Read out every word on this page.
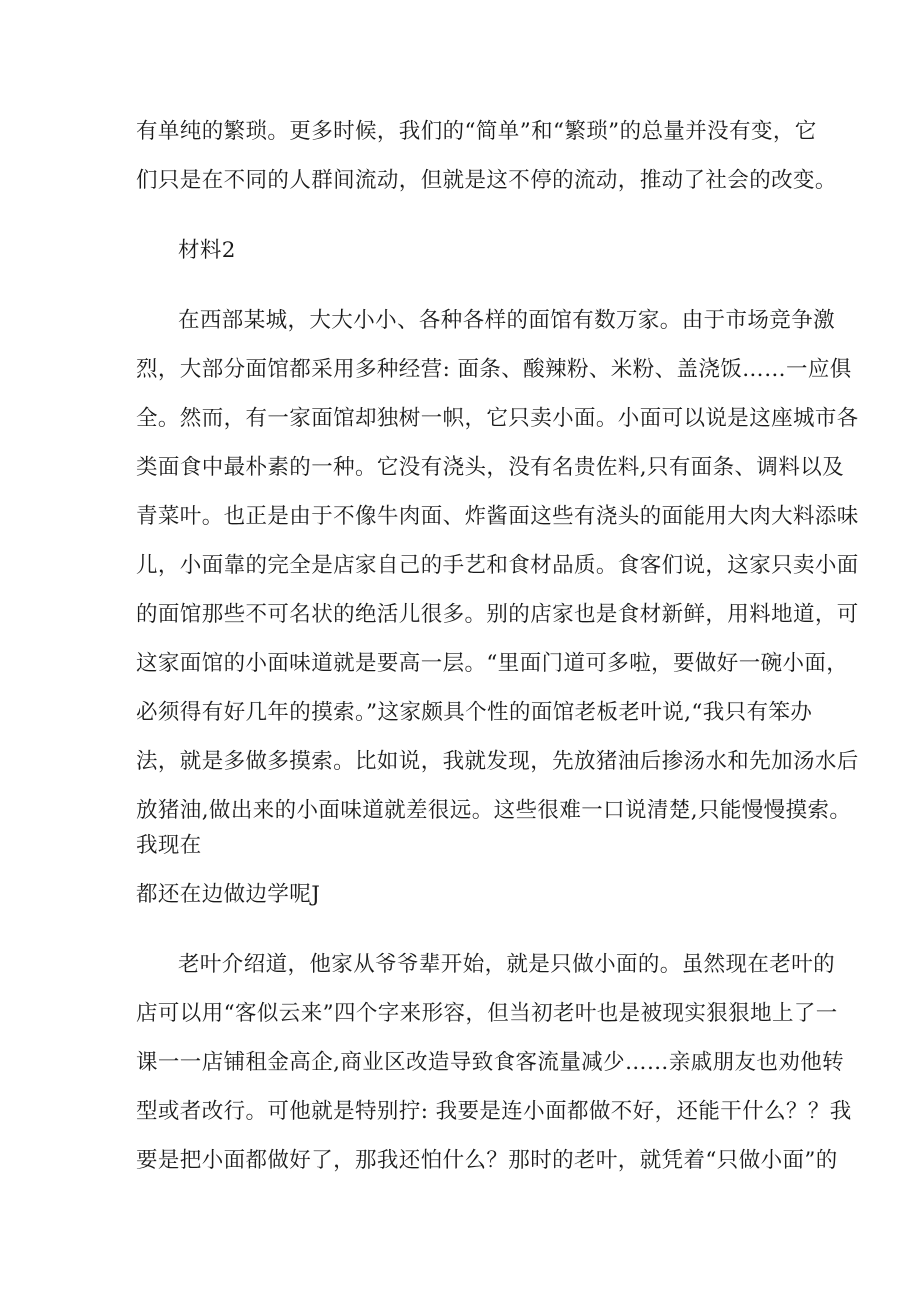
有单纯的繁琐。更多时候，我们的“简单”和“繁琐”的总量并没有变，它
们只是在不同的人群间流动，但就是这不停的流动，推动了社会的改变。
材料2
在西部某城，大大小小、各种各样的面馆有数万家。由于市场竞争激
烈，大部分面馆都采用多种经营: 面条、酸辣粉、米粉、盖浇饭……一应俱
全。然而，有一家面馆却独树一帜，它只卖小面。小面可以说是这座城市各
类面食中最朴素的一种。它没有浇头，没有名贵佐料,只有面条、调料以及
青菜叶。也正是由于不像牛肉面、炸酱面这些有浇头的面能用大肉大料添味
儿，小面靠的完全是店家自己的手艺和食材品质。食客们说，这家只卖小面
的面馆那些不可名状的绝活儿很多。别的店家也是食材新鲜，用料地道，可
这家面馆的小面味道就是要高一层。“里面门道可多啦，要做好一碗小面，
必须得有好几年的摸索。”这家颇具个性的面馆老板老叶说,“我只有笨办
法，就是多做多摸索。比如说，我就发现，先放猪油后掺汤水和先加汤水后
放猪油,做出来的小面味道就差很远。这些很难一口说清楚,只能慢慢摸索。
我现在
都还在边做边学呢J
老叶介绍道，他家从爷爷辈开始，就是只做小面的。虽然现在老叶的
店可以用“客似云来”四个字来形容，但当初老叶也是被现实狠狠地上了一
课一一店铺租金高企,商业区改造导致食客流量减少……亲戚朋友也劝他转
型或者改行。可他就是特别拧: 我要是连小面都做不好，还能干什么？？我
要是把小面都做好了，那我还怕什么？那时的老叶，就凭着“只做小面”的
